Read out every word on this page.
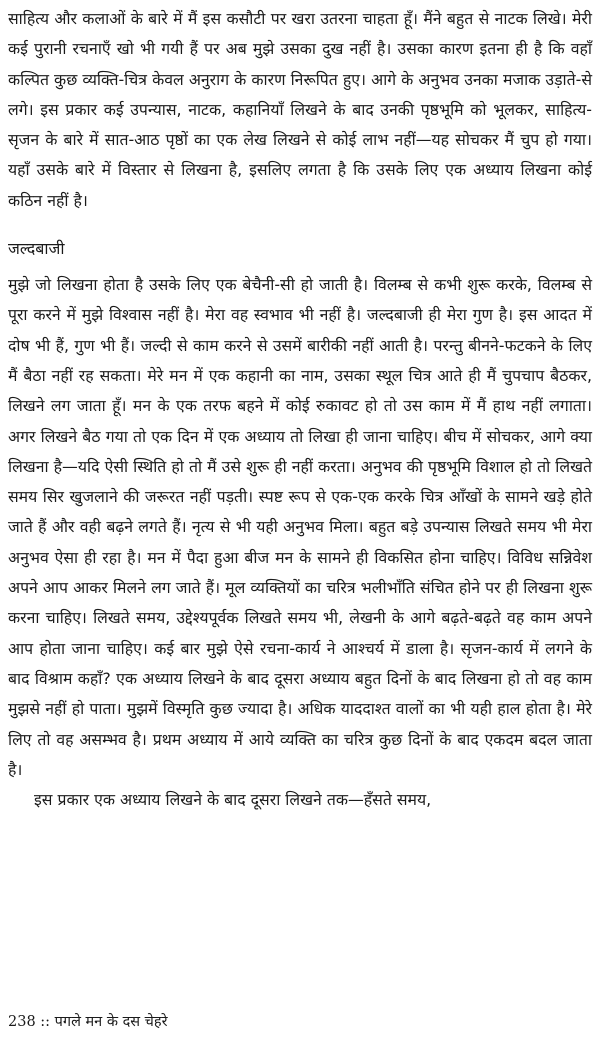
साहित्य और कलाओं के बारे में मैं इस कसौटी पर खरा उतरना चाहता हूँ। मैंने बहुत से नाटक लिखे। मेरी कई पुरानी रचनाएँ खो भी गयी हैं पर अब मुझे उसका दुख नहीं है। उसका कारण इतना ही है कि वहाँ कल्पित कुछ व्यक्ति-चित्र केवल अनुराग के कारण निरूपित हुए। आगे के अनुभव उनका मजाक उड़ाते-से लगे। इस प्रकार कई उपन्यास, नाटक, कहानियाँ लिखने के बाद उनकी पृष्ठभूमि को भूलकर, साहित्य-सृजन के बारे में सात-आठ पृष्ठों का एक लेख लिखने से कोई लाभ नहीं—यह सोचकर मैं चुप हो गया। यहाँ उसके बारे में विस्तार से लिखना है, इसलिए लगता है कि उसके लिए एक अध्याय लिखना कोई कठिन नहीं है।

जल्दबाजी

मुझे जो लिखना होता है उसके लिए एक बेचैनी-सी हो जाती है। विलम्ब से कभी शुरू करके, विलम्ब से पूरा करने में मुझे विश्वास नहीं है। मेरा वह स्वभाव भी नहीं है। जल्दबाजी ही मेरा गुण है। इस आदत में दोष भी हैं, गुण भी हैं। जल्दी से काम करने से उसमें बारीकी नहीं आती है। परन्तु बीनने-फटकने के लिए मैं बैठा नहीं रह सकता। मेरे मन में एक कहानी का नाम, उसका स्थूल चित्र आते ही मैं चुपचाप बैठकर, लिखने लग जाता हूँ। मन के एक तरफ बहने में कोई रुकावट हो तो उस काम में मैं हाथ नहीं लगाता। अगर लिखने बैठ गया तो एक दिन में एक अध्याय तो लिखा ही जाना चाहिए। बीच में सोचकर, आगे क्या लिखना है—यदि ऐसी स्थिति हो तो मैं उसे शुरू ही नहीं करता। अनुभव की पृष्ठभूमि विशाल हो तो लिखते समय सिर खुजलाने की जरूरत नहीं पड़ती। स्पष्ट रूप से एक-एक करके चित्र आँखों के सामने खड़े होते जाते हैं और वही बढ़ने लगते हैं। नृत्य से भी यही अनुभव मिला। बहुत बड़े उपन्यास लिखते समय भी मेरा अनुभव ऐसा ही रहा है। मन में पैदा हुआ बीज मन के सामने ही विकसित होना चाहिए। विविध सन्निवेश अपने आप आकर मिलने लग जाते हैं। मूल व्यक्तियों का चरित्र भलीभाँति संचित होने पर ही लिखना शुरू करना चाहिए। लिखते समय, उद्देश्यपूर्वक लिखते समय भी, लेखनी के आगे बढ़ते-बढ़ते वह काम अपने आप होता जाना चाहिए। कई बार मुझे ऐसे रचना-कार्य ने आश्चर्य में डाला है। सृजन-कार्य में लगने के बाद विश्राम कहाँ? एक अध्याय लिखने के बाद दूसरा अध्याय बहुत दिनों के बाद लिखना हो तो वह काम मुझसे नहीं हो पाता। मुझमें विस्मृति कुछ ज्यादा है। अधिक याददाश्त वालों का भी यही हाल होता है। मेरे लिए तो वह असम्भव है। प्रथम अध्याय में आये व्यक्ति का चरित्र कुछ दिनों के बाद एकदम बदल जाता है।

इस प्रकार एक अध्याय लिखने के बाद दूसरा लिखने तक—हँसते समय,

238 :: पगले मन के दस चेहरे
